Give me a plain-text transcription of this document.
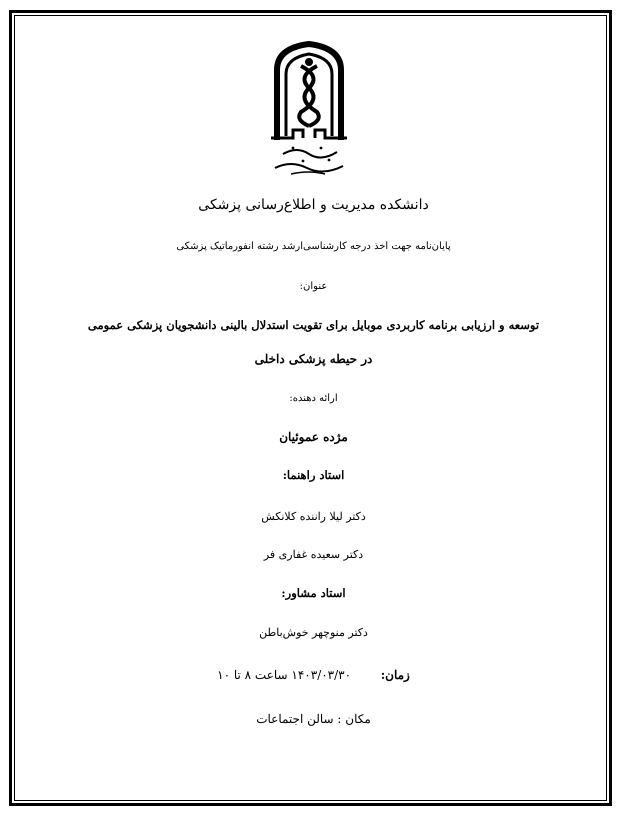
دانشکده مدیریت و اطلاع‌رسانی پزشکی
پایان‌نامه جهت اخذ درجه کارشناسی‌ارشد رشته انفورماتیک پزشکی
عنوان:
توسعه و ارزیابی برنامه کاربردی موبایل برای تقویت استدلال بالینی دانشجویان پزشکی عمومی
در حیطه پزشکی داخلی
ارائه دهنده:
مژده عموئیان
استاد راهنما:
دکتر لیلا راننده کلانکش
دکتر سعیده غفاری فر
استاد مشاور:
دکتر منوچهر خوش‌باطن
زمان:  ۱۴۰۳/۰۳/۳۰ ساعت ۸ تا ۱۰
مکان : سالن اجتماعات
